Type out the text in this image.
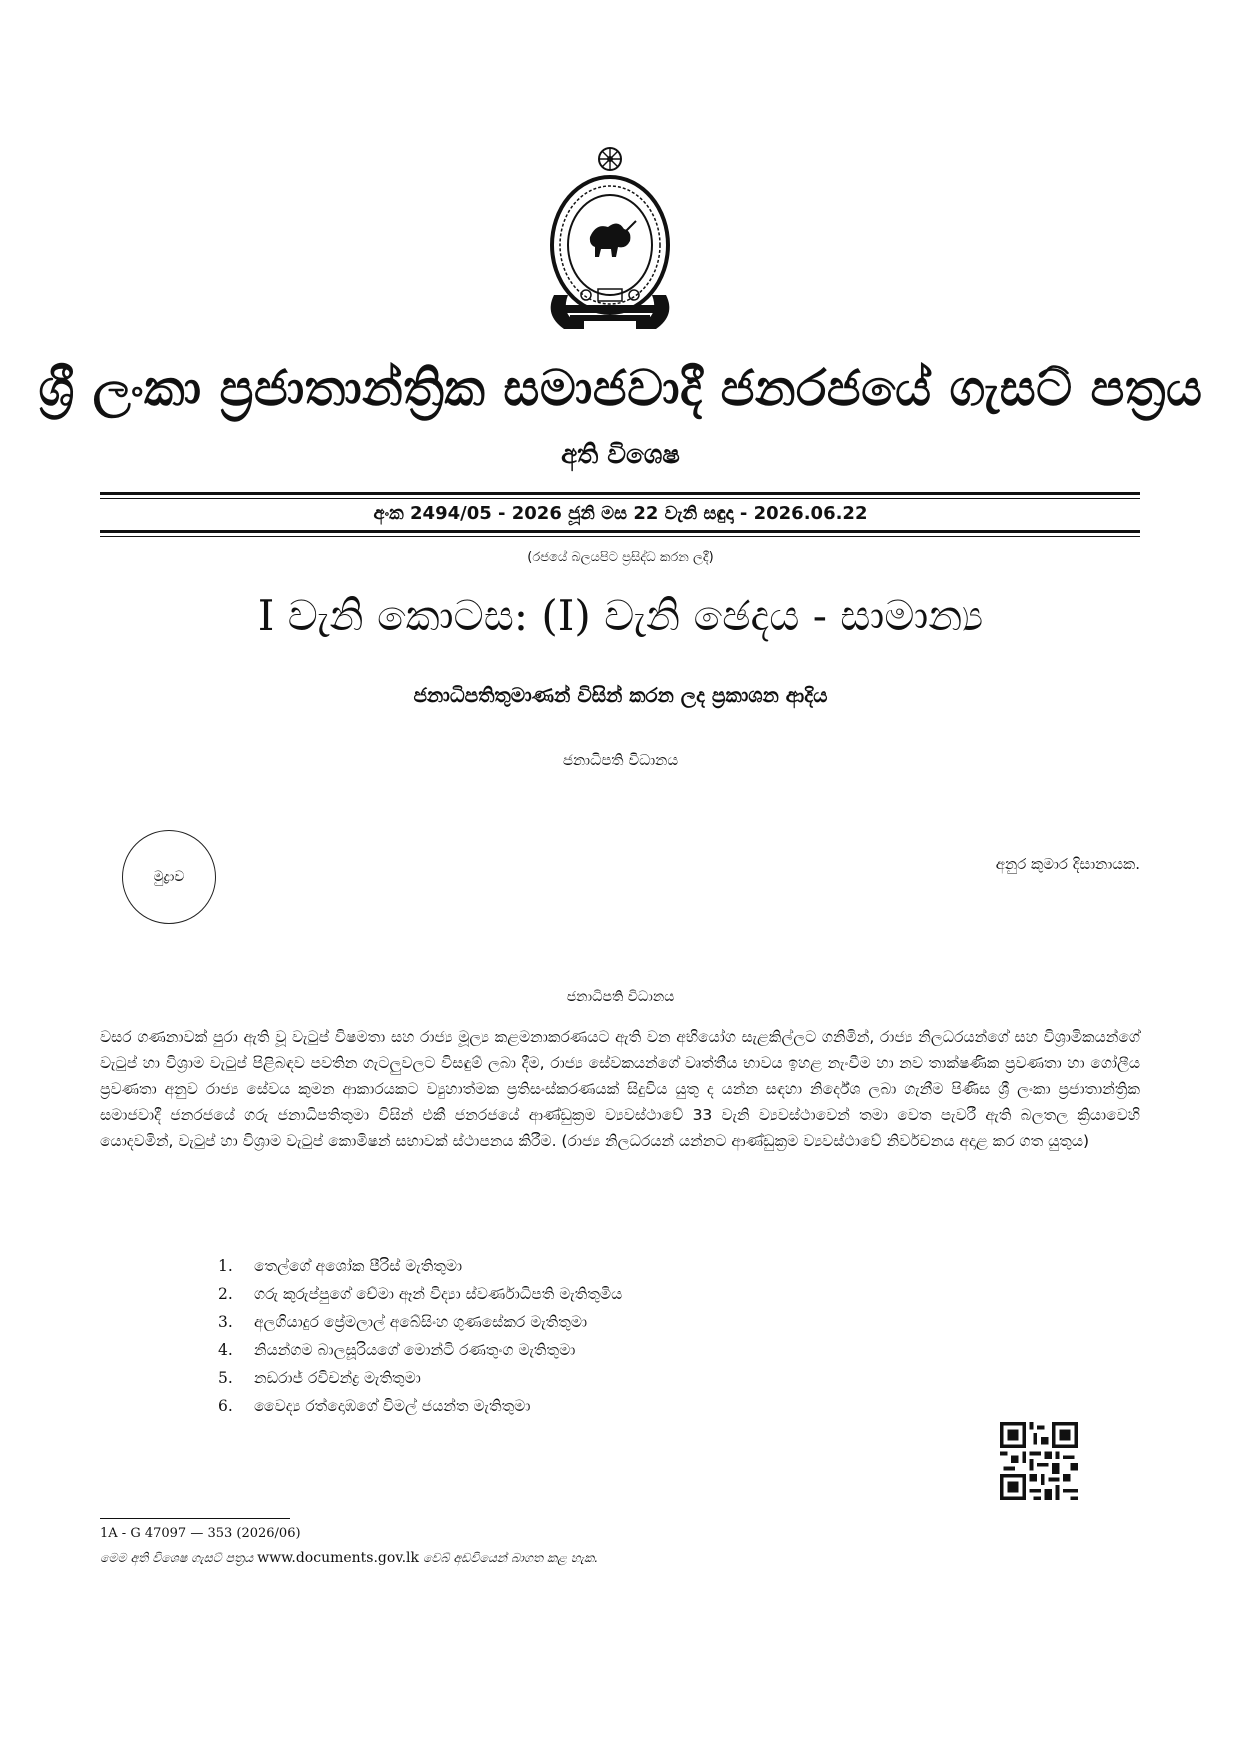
ශ්‍රී ලංකා ප්‍රජාතාන්ත්‍රික සමාජවාදී ජනරජයේ ගැසට් පත්‍රය
අති විශෙෂ
අංක 2494/05 - 2026 ජූනි මස 22 වැනි සඳුදා - 2026.06.22
(රජයේ බලයපිට ප්‍රසිද්ධ කරන ලදී)
I වැනි කොටස: (I) වැනි ඡෙදය - සාමාන්‍ය
ජනාධිපතිතුමාණන් විසින් කරන ලද ප්‍රකාශන ආදිය
ජනාධිපති විධානය
මුද්‍රාව
අනුර කුමාර දිසානායක.
ජනාධිපති විධානය
වසර ගණනාවක් පුරා ඇති වූ වැටුප් විෂමතා සහ රාජ්‍ය මූල්‍ය කළමනාකරණයට ඇති වන අභියෝග සැළකිල්ලට ගනිමින්, රාජ්‍ය නිලධරයන්ගේ සහ විශ්‍රාමිකයන්ගේ වැටුප් හා විශ්‍රාම වැටුප් පිළිබඳව පවතින ගැටලුවලට විසඳුම් ලබා දීම, රාජ්‍ය සේවකයන්ගේ වෘත්තීය භාවය ඉහළ නැංවීම හා නව තාක්ෂණික ප්‍රවණතා හා ගෝලීය ප්‍රවණතා අනුව රාජ්‍ය සේවය කුමන ආකාරයකට ව්‍යුහාත්මක ප්‍රතිසංස්කරණයක් සිදුවිය යුතු ද යන්න සඳහා නිර්දේශ ලබා ගැනීම පිණිස ශ්‍රී ලංකා ප්‍රජාතාන්ත්‍රික සමාජවාදී ජනරජයේ ගරු ජනාධිපතිතුමා විසින් එකී ජනරජයේ ආණ්ඩුක්‍රම ව්‍යවස්ථාවේ 33 වැනි ව්‍යවස්ථාවෙන් තමා වෙත පැවරී ඇති බලතල ක්‍රියාවෙහි යොදවමින්, වැටුප් හා විශ්‍රාම වැටුප් කොමිෂන් සභාවක් ස්ථාපනය කිරීම. (රාජ්‍ය නිලධරයන් යන්නට ආණ්ඩුක්‍රම ව්‍යවස්ථාවේ නිර්වචනය අදාළ කර ගත යුතුය)
1.	තෙල්ගේ අශෝක පීරිස් මැතිතුමා
2.	ගරු කුරුප්පුගේ චේමා ඈන් විද්‍යා ස්වර්ණාධිපති මැතිතුමිය
3.	අලගියාදුර ප්‍රේමලාල් අබේසිංහ ගුණසේකර මැතිතුමා
4.	නියන්ගම බාලසූරියගේ මොන්ටි රණතුංග මැතිතුමා
5.	නඩරාජ් රවිචන්ද්‍ර මැතිතුමා
6.	වෛද්‍ය රත්දොඹගේ විමල් ජයන්ත මැතිතුමා
1A - G 47097 — 353 (2026/06)
මෙම අති විශෙෂ ගැසට් පත්‍රය www.documents.gov.lk වෙබ් අඩවියෙන් බාගත කළ හැක.
